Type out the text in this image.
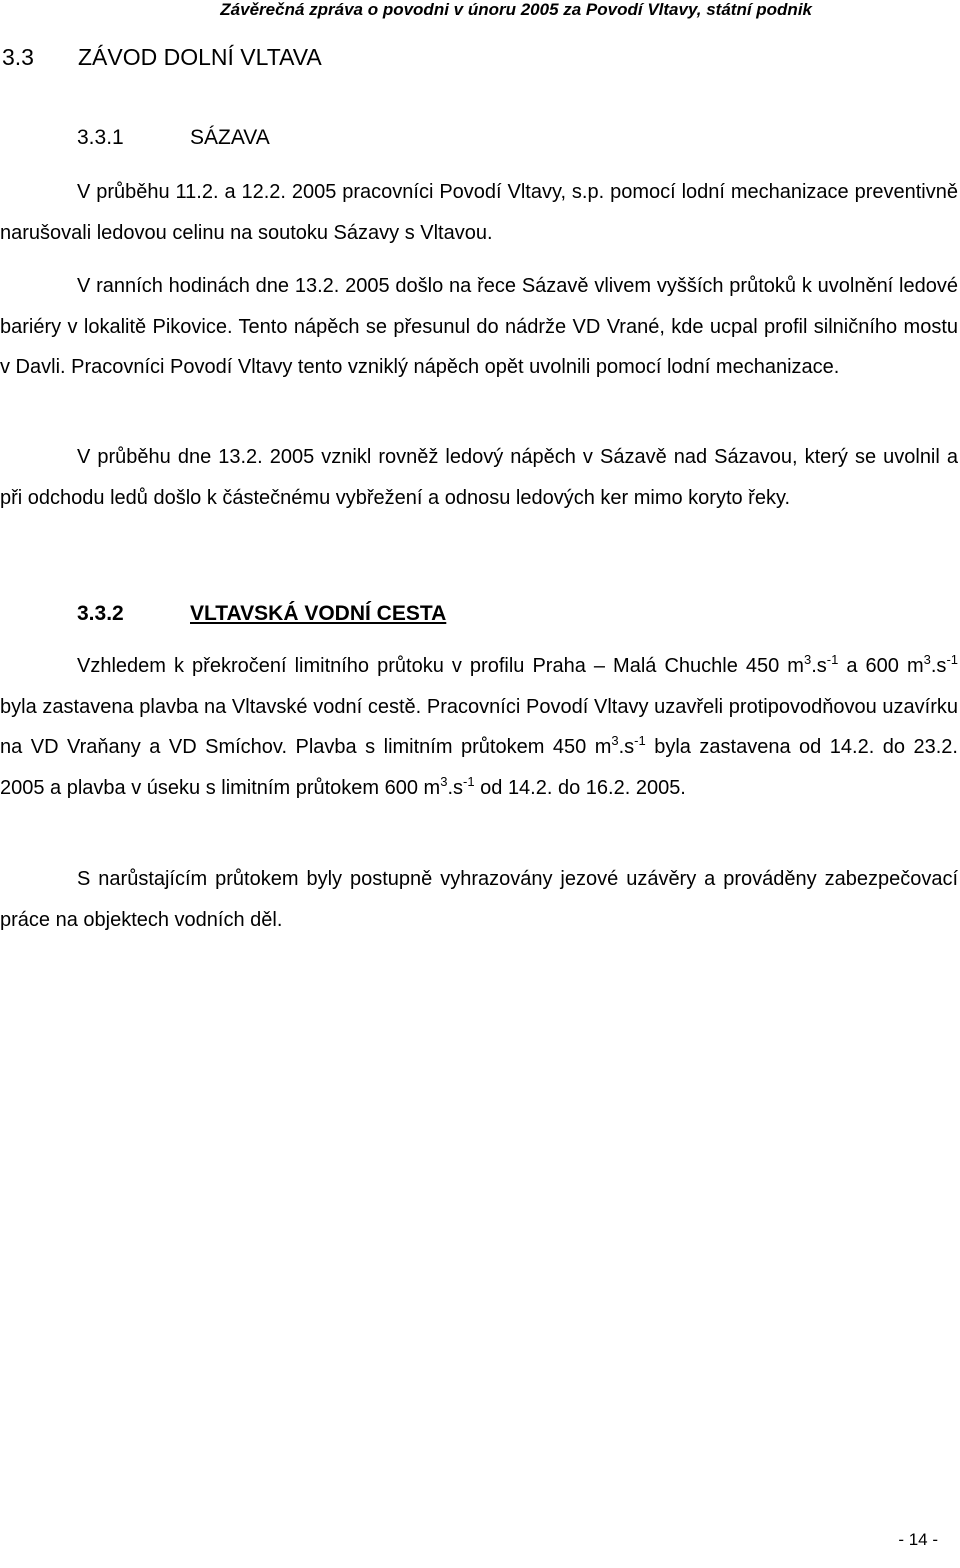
Závěrečná zpráva o povodni v únoru 2005 za Povodí Vltavy, státní podnik
3.3 ZÁVOD DOLNÍ VLTAVA
3.3.1	SÁZAVA

V průběhu 11.2. a 12.2. 2005 pracovníci Povodí Vltavy, s.p. pomocí lodní mechanizace preventivně narušovali ledovou celinu na soutoku Sázavy s Vltavou.

V ranních hodinách dne 13.2. 2005 došlo na řece Sázavě vlivem vyšších průtoků k uvolnění ledové bariéry v lokalitě Pikovice. Tento nápěch se přesunul do nádrže VD Vrané, kde ucpal profil silničního mostu v Davli. Pracovníci Povodí Vltavy tento vzniklý nápěch opět uvolnili pomocí lodní mechanizace.

V průběhu dne 13.2. 2005 vznikl rovněž ledový nápěch v Sázavě nad Sázavou, který se uvolnil a při odchodu ledů došlo k částečnému vybřežení a odnosu ledových ker mimo koryto řeky.

3.3.2	VLTAVSKÁ VODNÍ CESTA

Vzhledem k překročení limitního průtoku v profilu Praha – Malá Chuchle 450 $m^3.s^{-1}$ a 600 $m^3.s^{-1}$ byla zastavena plavba na Vltavské vodní cestě. Pracovníci Povodí Vltavy uzavřeli protipovodňovou uzavírku na VD Vraňany a VD Smíchov. Plavba s limitním průtokem 450 $m^3.s^{-1}$ byla zastavena od 14.2. do 23.2. 2005 a plavba v úseku s limitním průtokem 600 $m^3.s^{-1}$ od 14.2. do 16.2. 2005.

S narůstajícím průtokem byly postupně vyhrazovány jezové uzávěry a prováděny zabezpečovací práce na objektech vodních děl.

- 14 -
